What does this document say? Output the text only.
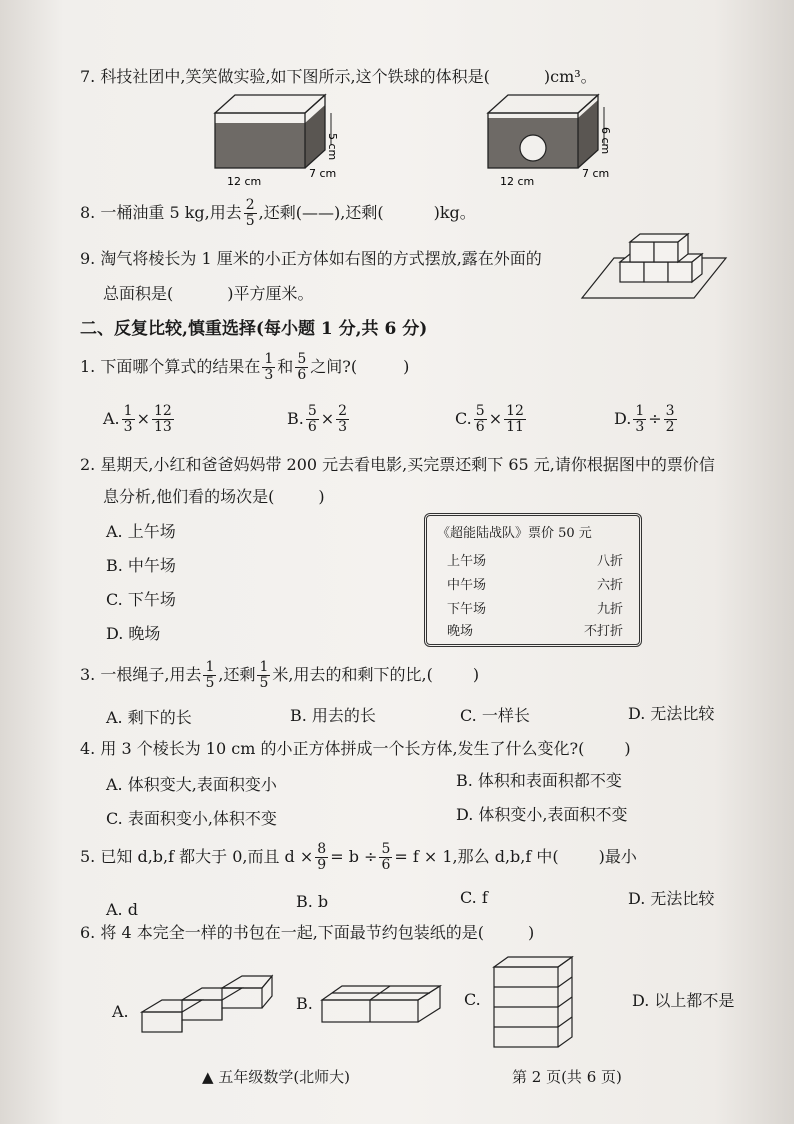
7. 科技社团中,笑笑做实验,如下图所示,这个铁球的体积是(	)cm³。
5 cm
12 cm
7 cm
6 cm
12 cm
7 cm
8. 一桶油重 5 kg,用去 $\frac{2}{5}$ ,还剩(——),还剩(	)kg。
9. 淘气将棱长为 1 厘米的小正方体如右图的方式摆放,露在外面的
总面积是(	)平方厘米。
二、反复比较,慎重选择(每小题 1 分,共 6 分)
1. 下面哪个算式的结果在 $\frac{1}{3}$ 和 $\frac{5}{6}$ 之间?(	)
A. $\frac{1}{3} \times \frac{12}{13}$	B. $\frac{5}{6} \times \frac{2}{3}$	C. $\frac{5}{6} \times \frac{12}{11}$	D. $\frac{1}{3} \div \frac{3}{2}$
2. 星期天,小红和爸爸妈妈带 200 元去看电影,买完票还剩下 65 元,请你根据图中的票价信
息分析,他们看的场次是(	)
A. 上午场
B. 中午场
C. 下午场
D. 晚场
《超能陆战队》票价 50 元
上午场	八折
中午场	六折
下午场	九折
晚场	不打折
3. 一根绳子,用去 $\frac{1}{5}$ ,还剩 $\frac{1}{5}$ 米,用去的和剩下的比,(	)
A. 剩下的长	B. 用去的长	C. 一样长	D. 无法比较
4. 用 3 个棱长为 10 cm 的小正方体拼成一个长方体,发生了什么变化?(	)
A. 体积变大,表面积变小	B. 体积和表面积都不变
C. 表面积变小,体积不变	D. 体积变小,表面积不变
5. 已知 d,b,f 都大于 0,而且 $d \times \frac{8}{9} = b \div \frac{5}{6} = f \times 1$,那么 d,b,f 中(	)最小
A. d	B. b	C. f	D. 无法比较
6. 将 4 本完全一样的书包在一起,下面最节约包装纸的是(	)
A.	B.	C.	D. 以上都不是
▲ 五年级数学(北师大)	第 2 页(共 6 页)
